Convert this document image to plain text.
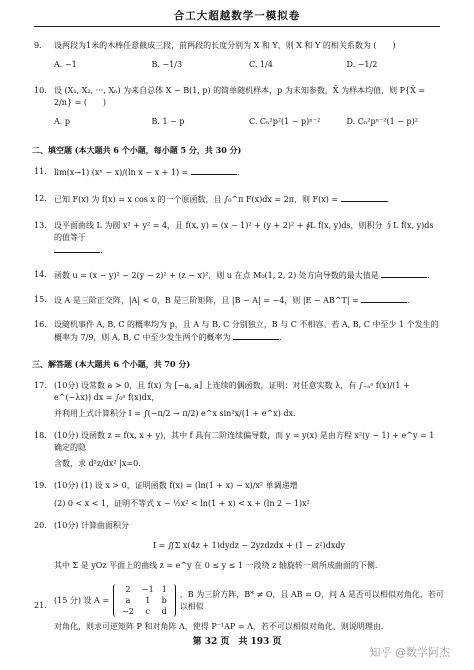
合工大超越数学一模拟卷
9. 设两段为1米的木棒任意截成三段，前两段的长度分别为 X 和 Y，则 X 和 Y 的相关系数为 (　　)
A. −1	B. −1/3	C. 1/4	D. −1/2
10. 设 (X₁, X₂, ···, Xₙ) 为来自总体 X ~ B(1, p) 的简单随机样本，p 为未知参数，X̄ 为样本均值，则 P{X̄ = 2/n} = (　　)
A. p	B. 1 − p	C. Cₙ²p²(1 − p)ⁿ⁻²	D. Cₙ²pⁿ⁻²(1 − p)²
二、填空题 (本大题共 6 个小题，每小题 5 分，共 30 分)
11. lim(x→1) (xˣ − x)/(ln x − x + 1) =	.
12. 已知 F(x) 为 f(x) = x cos x 的一个原函数，且 ∫₀^π F(x)dx = 2π，则 F(x) =	.
13. 设平面曲线 L 为圆 x² + y² = 4，且 f(x, y) = (x − 1)² + (y + 2)² + ∮L f(x, y)ds，则积分 ∮L f(x, y)ds 的值等于
.
14. 函数 u = (x − y)² − 2(y − z)² + (z − x)²，则 u 在点 M₀(1, 2, 2) 处方向导数的最大值是	.
15. 设 A 是三阶正交阵，|A| < 0，B 是三阶矩阵，且 |B − A| = −4，则 |E − AB^T| =	.
16. 设随机事件 A, B, C 的概率均为 p，且 A 与 B, C 分别独立，B 与 C 不相容。若 A, B, C 中至少 1 个发生的概率为 7/9，则 A, B, C 中至少发生两个的概率为	.
三、解答题 (本大题共 6 个小题，共 70 分)
17. (10分) 设常数 a > 0，且 f(x) 为 [−a, a] 上连续的偶函数，证明：对任意实数 λ，有 ∫₋ₐᵃ f(x)/(1 + e^(−λx)) dx = ∫₀ᵃ f(x)dx，
并利用上式计算积分 I = ∫(−π/2 → π/2) e^x sin²x/(1 + e^x) dx.
18. (10分) 设函数 z = f(x, x + y)，其中 f 具有二阶连续偏导数，而 y = y(x) 是由方程 x²(y − 1) + e^y = 1 确定的隐
含数，求 d²z/dx² |x=0.
19. (10分) (1) 设 x > 0，证明函数 f(x) = (ln(1 + x) − x)/x² 单调递增
(2) 0 < x < 1，证明不等式 x − ½x² < ln(1 + x) < x + (ln 2 − 1)x²
20. (10分) 计算曲面积分
I = ∬Σ x(4z + 1)dydz − 2yzdzdx + (1 − z²)dxdy
其中 Σ 是 yOz 平面上的曲线 z = e^y 在 0 ≤ y ≤ 1 一段绕 z 轴旋转一周所成曲面的下侧.
21.
(15 分) 设 A =
2	−1	1
a	1	b
−2	c	d
，B 为三阶方阵，B* ≠ O，且 AB = O，问 A 是否可以相似对角化，若可以相似
对角化，则求可逆矩阵 P 和对角阵 Λ，使得 P⁻¹AP = Λ，若不可以相似对角化，则说明理由.
第 32 页　共 193 页
知乎 @数学阿杰
